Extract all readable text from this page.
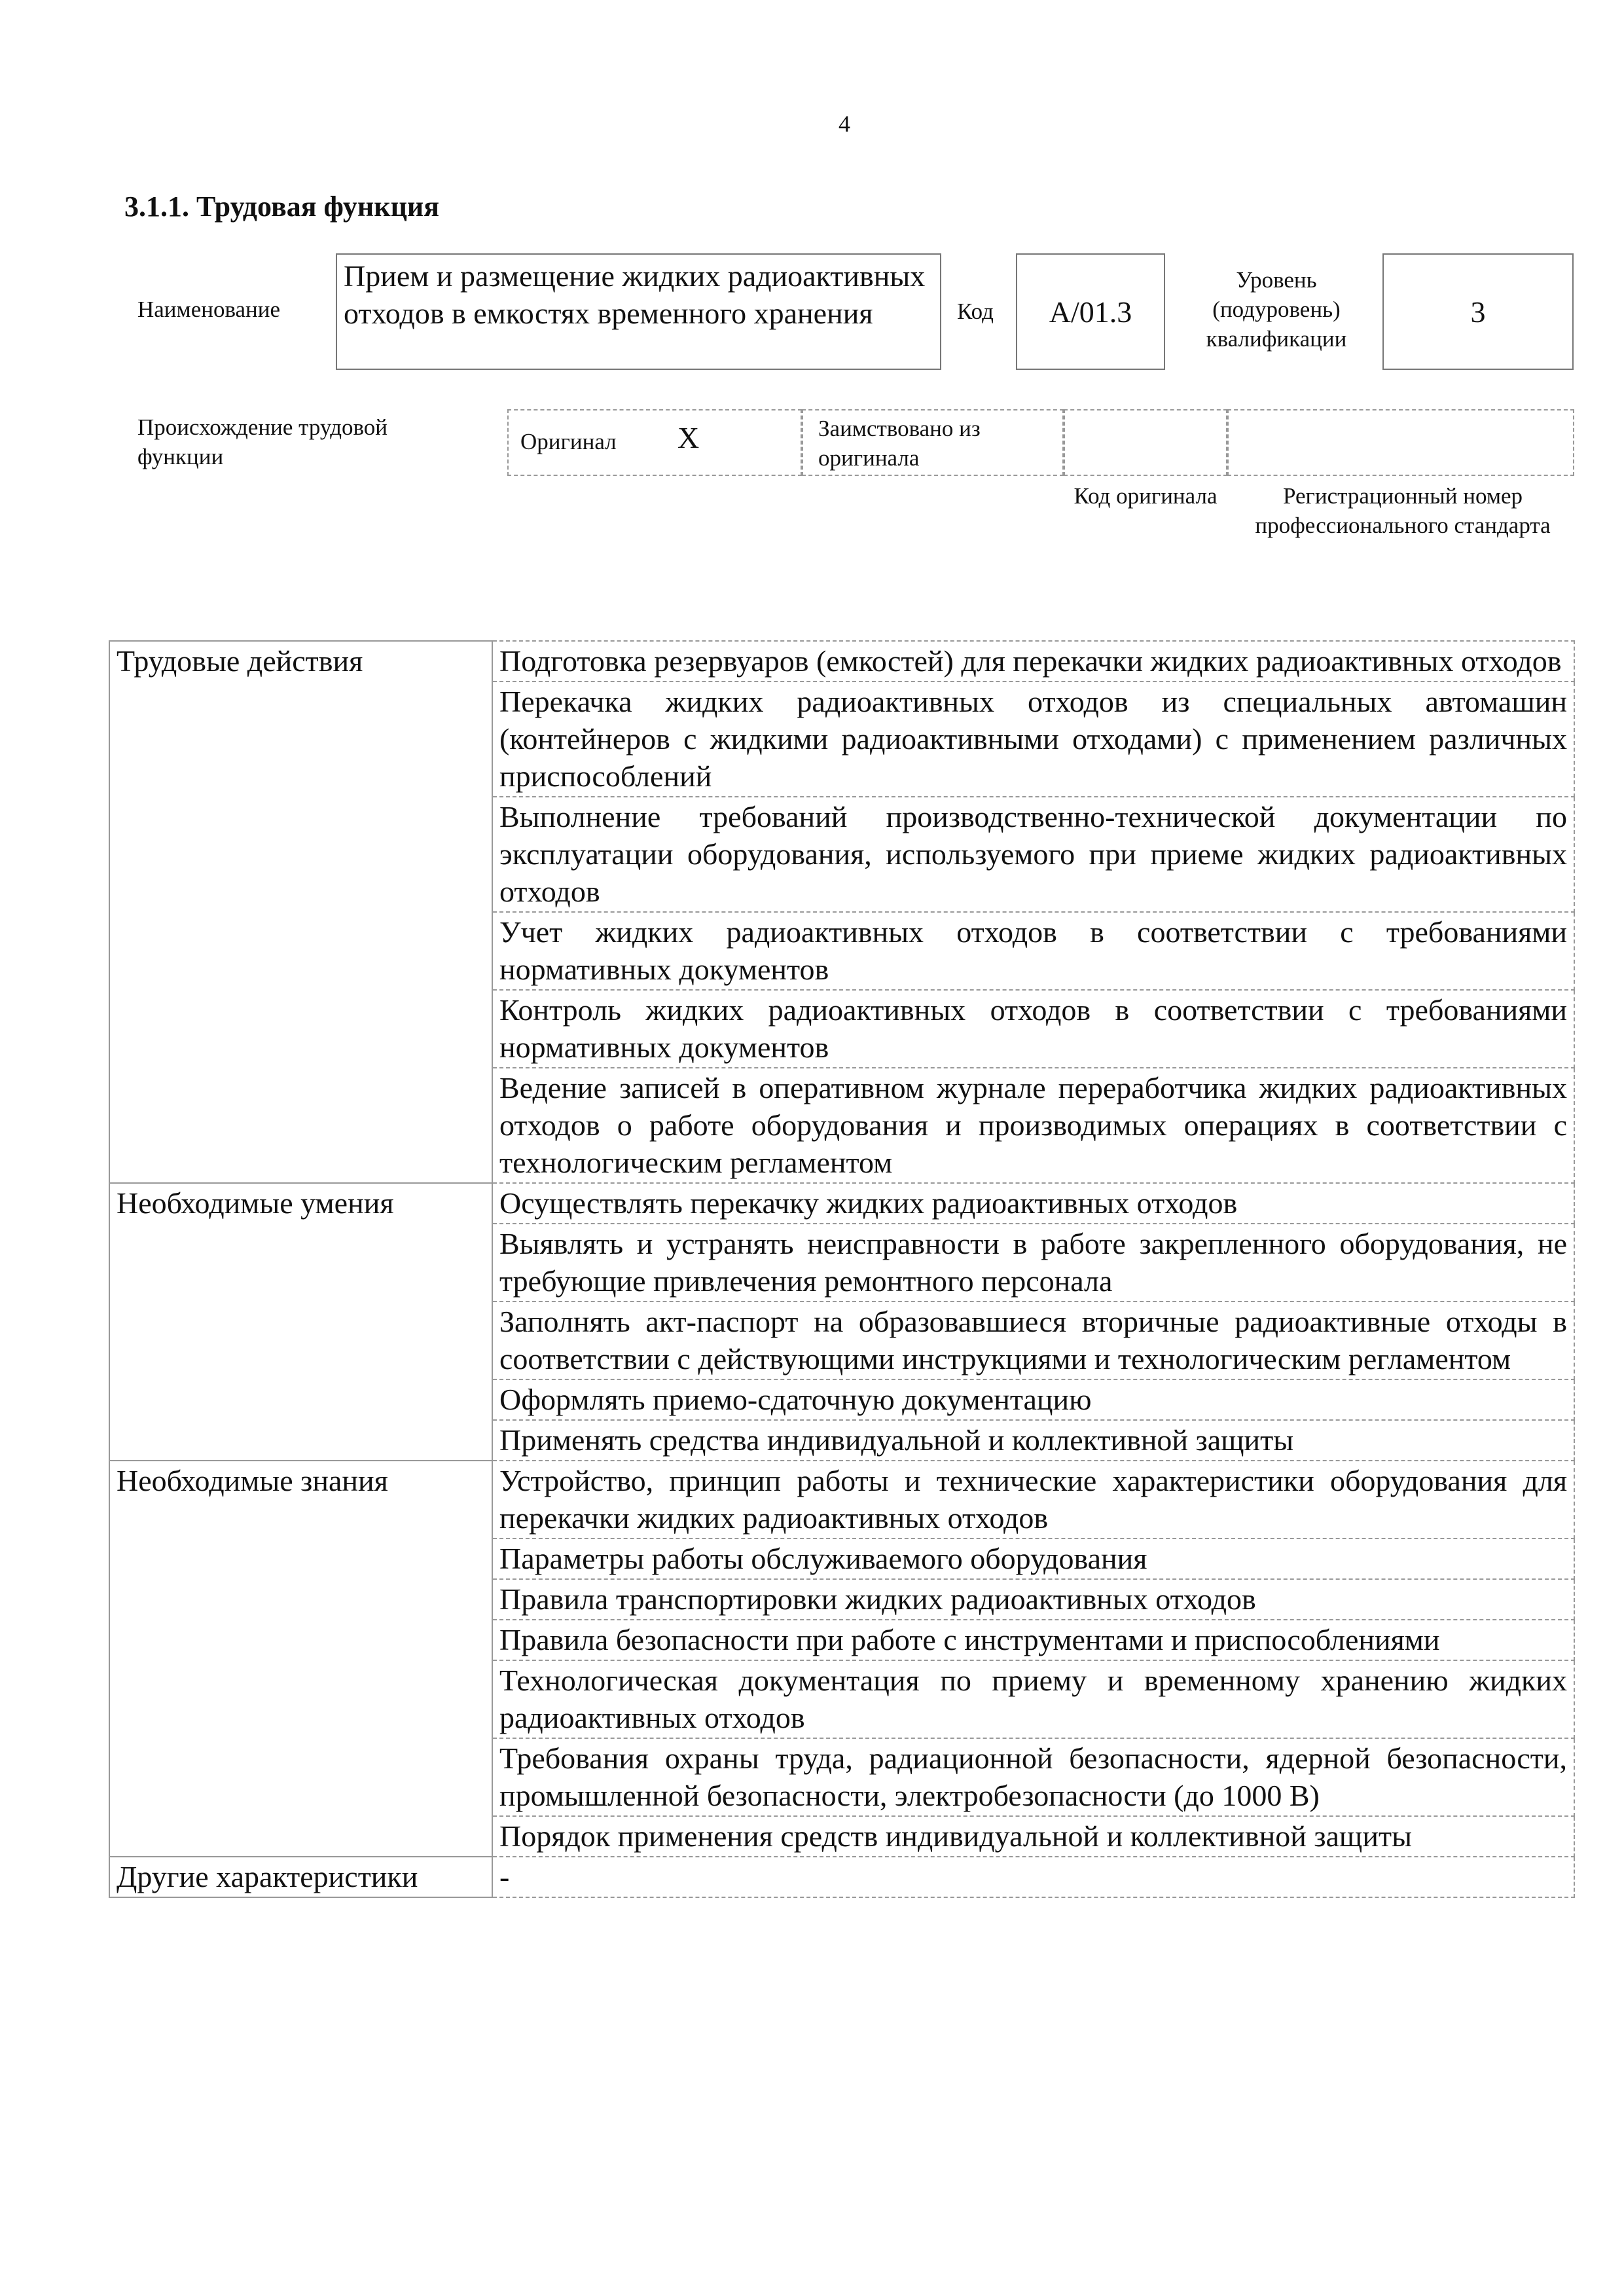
4
3.1.1. Трудовая функция
Наименование
Прием и размещение жидких радиоактивных отходов в емкостях временного хранения	Код A/01.3
Уровень (подуровень) квалификации
3
Происхождение трудовой функции
Оригинал X	Заимствовано из оригинала
Код оригинала	Регистрационный номер профессионального стандарта
Трудовые действия	Подготовка резервуаров (емкостей) для перекачки жидких радиоактивных отходов
	Перекачка жидких радиоактивных отходов из специальных автомашин (контейнеров с жидкими радиоактивными отходами) с применением различных приспособлений
	Выполнение требований производственно-технической документации по эксплуатации оборудования, используемого при приеме жидких радиоактивных отходов
	Учет жидких радиоактивных отходов в соответствии с требованиями нормативных документов
	Контроль жидких радиоактивных отходов в соответствии с требованиями нормативных документов
	Ведение записей в оперативном журнале переработчика жидких радиоактивных отходов о работе оборудования и производимых операциях в соответствии с технологическим регламентом
Необходимые умения	Осуществлять перекачку жидких радиоактивных отходов
	Выявлять и устранять неисправности в работе закрепленного оборудования, не требующие привлечения ремонтного персонала
	Заполнять акт-паспорт на образовавшиеся вторичные радиоактивные отходы в соответствии с действующими инструкциями и технологическим регламентом
	Оформлять приемо-сдаточную документацию
	Применять средства индивидуальной и коллективной защиты
Необходимые знания	Устройство, принцип работы и технические характеристики оборудования для перекачки жидких радиоактивных отходов
	Параметры работы обслуживаемого оборудования
	Правила транспортировки жидких радиоактивных отходов
	Правила безопасности при работе с инструментами и приспособлениями
	Технологическая документация по приему и временному хранению жидких радиоактивных отходов
	Требования охраны труда, радиационной безопасности, ядерной безопасности, промышленной безопасности, электробезопасности (до 1000 В)
	Порядок применения средств индивидуальной и коллективной защиты
Другие характеристики	-
